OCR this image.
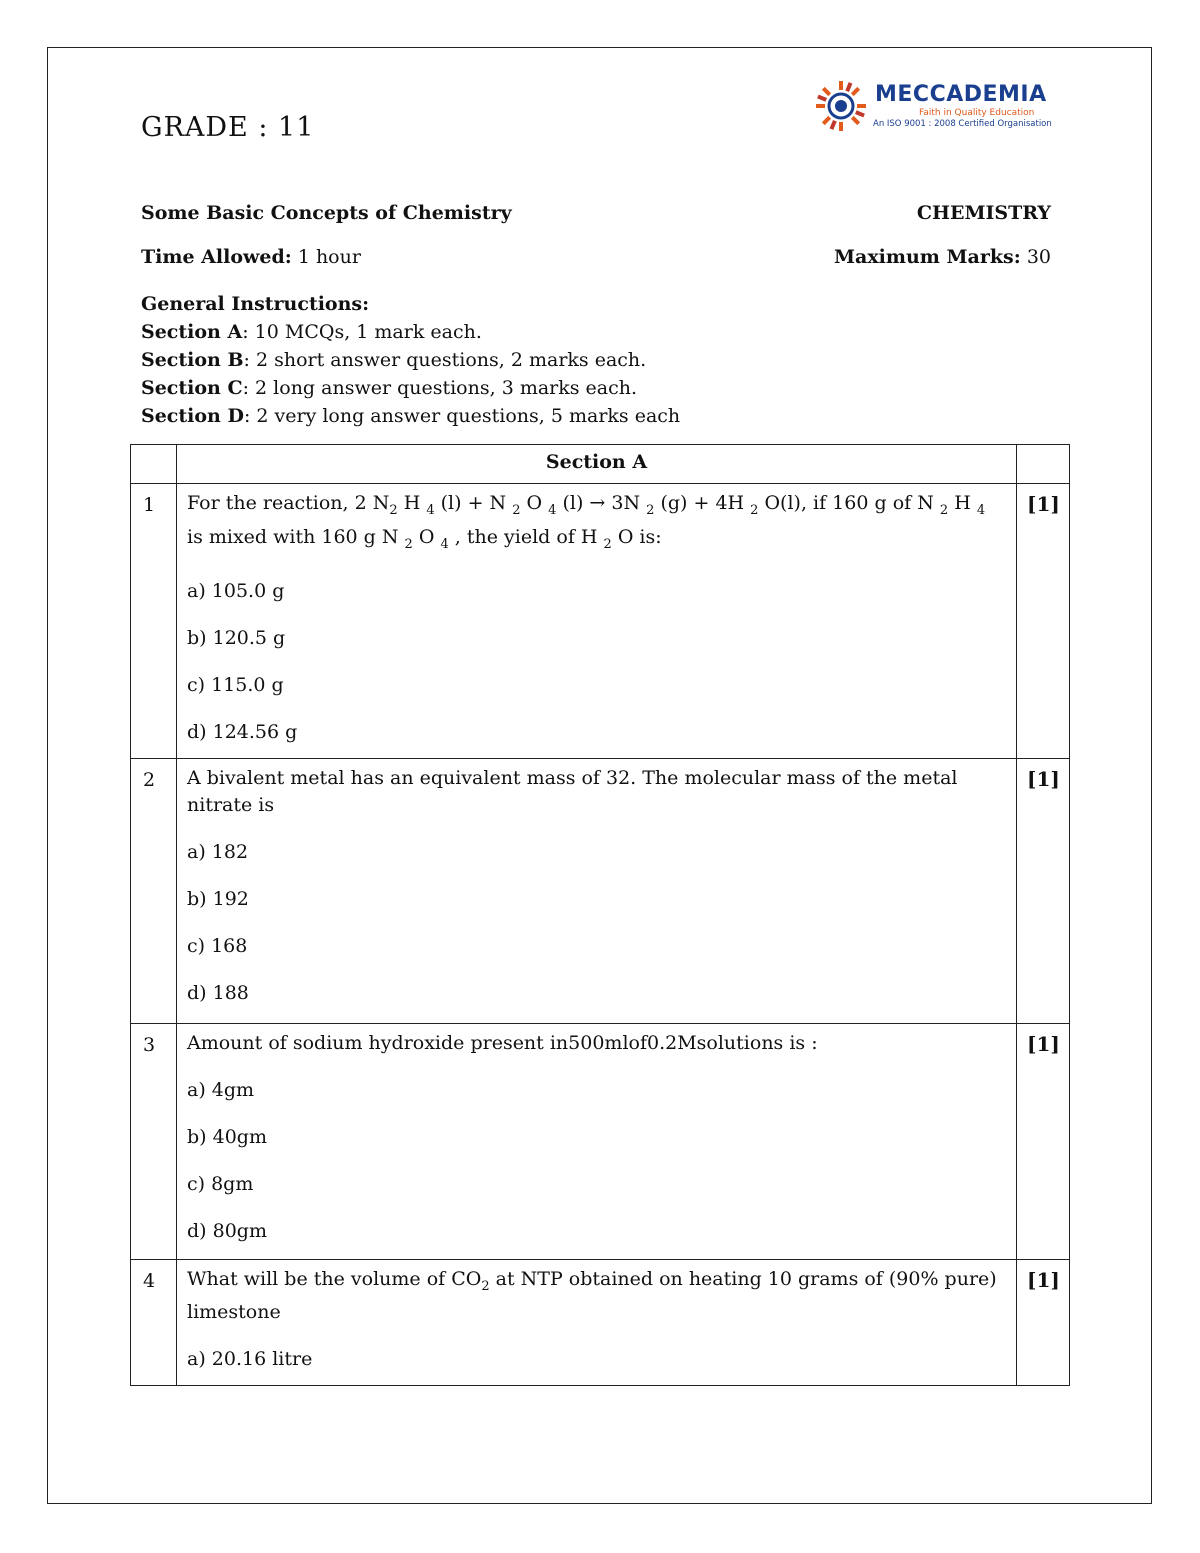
GRADE : 11
MECCADEMIA
Faith in Quality Education
An ISO 9001 : 2008 Certified Organisation
Some Basic Concepts of Chemistry	CHEMISTRY
Time Allowed: 1 hour	Maximum Marks: 30
General Instructions:
Section A: 10 MCQs, 1 mark each.
Section B: 2 short answer questions, 2 marks each.
Section C: 2 long answer questions, 3 marks each.
Section D: 2 very long answer questions, 5 marks each
	Section A	
1	For the reaction, 2 $N_2$ H $_4$ (l) + N $_2$ O $_4$ (l) → 3N $_2$ (g) + 4H $_2$ O(l), if 160 g of N $_2$ H $_4$ is mixed with 160 g N $_2$ O $_4$ , the yield of H $_2$ O is:
a) 105.0 g
b) 120.5 g
c) 115.0 g
d) 124.56 g	[1]
2	A bivalent metal has an equivalent mass of 32. The molecular mass of the metal nitrate is
a) 182
b) 192
c) 168
d) 188	[1]
3	Amount of sodium hydroxide present in500mlof0.2Msolutions is :
a) 4gm
b) 40gm
c) 8gm
d) 80gm	[1]
4	What will be the volume of $CO_2$ at NTP obtained on heating 10 grams of (90% pure) limestone
a) 20.16 litre	[1]
